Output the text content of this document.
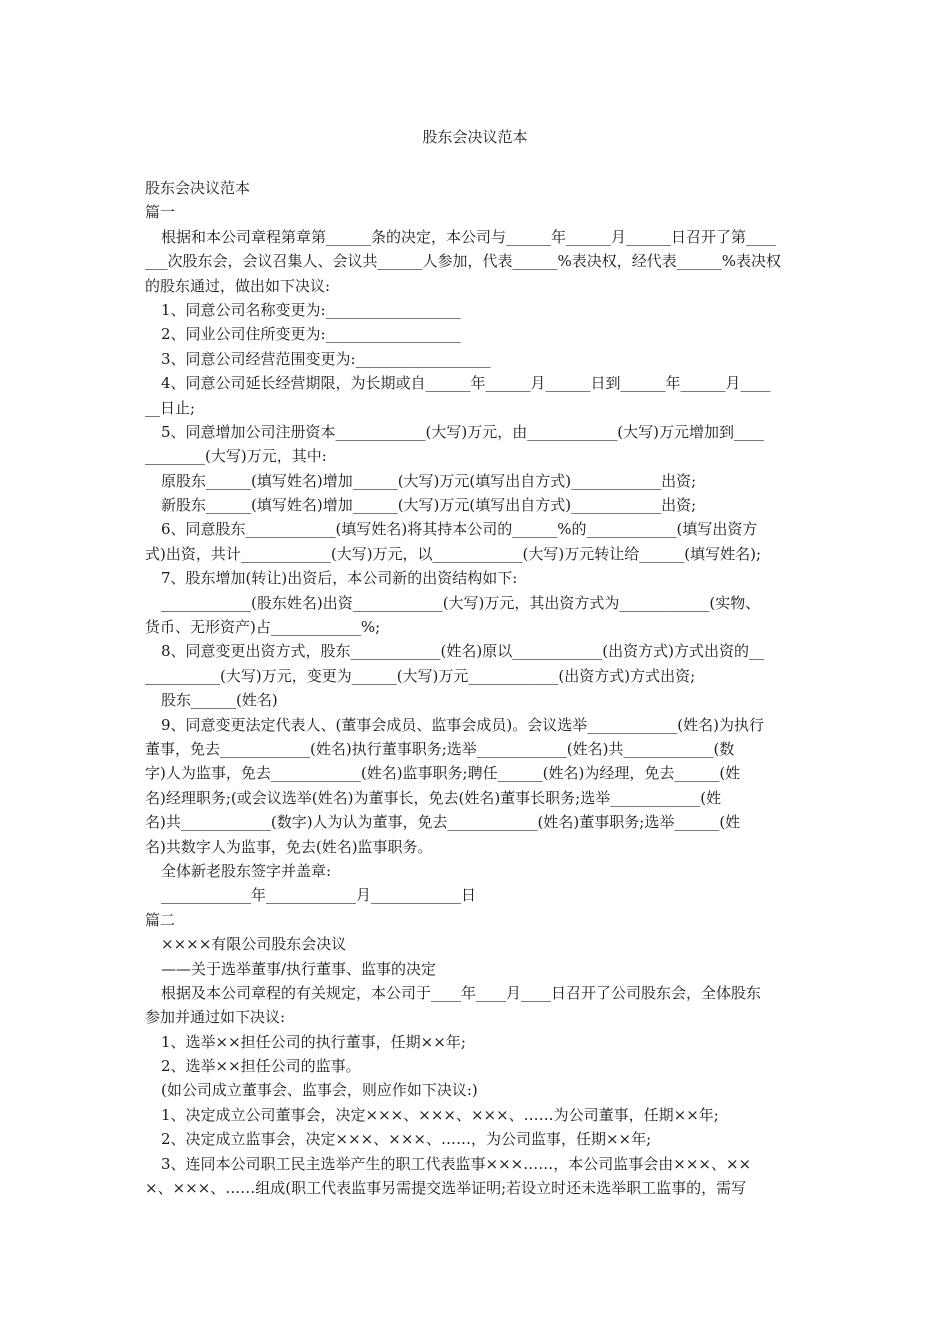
股东会决议范本
股东会决议范本
篇一
根据和本公司章程第章第______条的决定，本公司与______年______月______日召开了第____
___次股东会，会议召集人、会议共______人参加，代表______%表决权，经代表______%表决权
的股东通过，做出如下决议:
1、同意公司名称变更为:__________________
2、同业公司住所变更为:__________________
3、同意公司经营范围变更为:__________________
4、同意公司延长经营期限，为长期或自______年______月______日到______年______月____
__日止;
5、同意增加公司注册资本____________(大写)万元，由____________(大写)万元增加到____
________(大写)万元，其中:
原股东______(填写姓名)增加______(大写)万元(填写出自方式)____________出资;
新股东______(填写姓名)增加______(大写)万元(填写出自方式)____________出资;
6、同意股东____________(填写姓名)将其持本公司的______%的____________(填写出资方
式)出资，共计____________(大写)万元，以____________(大写)万元转让给______(填写姓名);
7、股东增加(转让)出资后，本公司新的出资结构如下:
____________(股东姓名)出资____________(大写)万元，其出资方式为____________(实物、
货币、无形资产)占____________%;
8、同意变更出资方式，股东____________(姓名)原以____________(出资方式)方式出资的__
__________(大写)万元，变更为______(大写)万元____________(出资方式)方式出资;
股东______(姓名)
9、同意变更法定代表人、(董事会成员、监事会成员)。会议选举____________(姓名)为执行
董事，免去____________(姓名)执行董事职务;选举____________(姓名)共____________(数
字)人为监事，免去____________(姓名)监事职务;聘任______(姓名)为经理，免去______(姓
名)经理职务;(或会议选举(姓名)为董事长，免去(姓名)董事长职务;选举____________(姓
名)共____________(数字)人为认为董事，免去____________(姓名)董事职务;选举______(姓
名)共数字人为监事，免去(姓名)监事职务。
全体新老股东签字并盖章:
____________年____________月____________日
篇二
××××有限公司股东会决议
——关于选举董事/执行董事、监事的决定
根据及本公司章程的有关规定，本公司于____年____月____日召开了公司股东会，全体股东
参加并通过如下决议:
1、选举××担任公司的执行董事，任期××年;
2、选举××担任公司的监事。
(如公司成立董事会、监事会，则应作如下决议:)
1、决定成立公司董事会，决定×××、×××、×××、……为公司董事，任期××年;
2、决定成立监事会，决定×××、×××、……，为公司监事，任期××年;
3、连同本公司职工民主选举产生的职工代表监事×××……，本公司监事会由×××、××
×、×××、……组成(职工代表监事另需提交选举证明;若设立时还未选举职工监事的，需写
